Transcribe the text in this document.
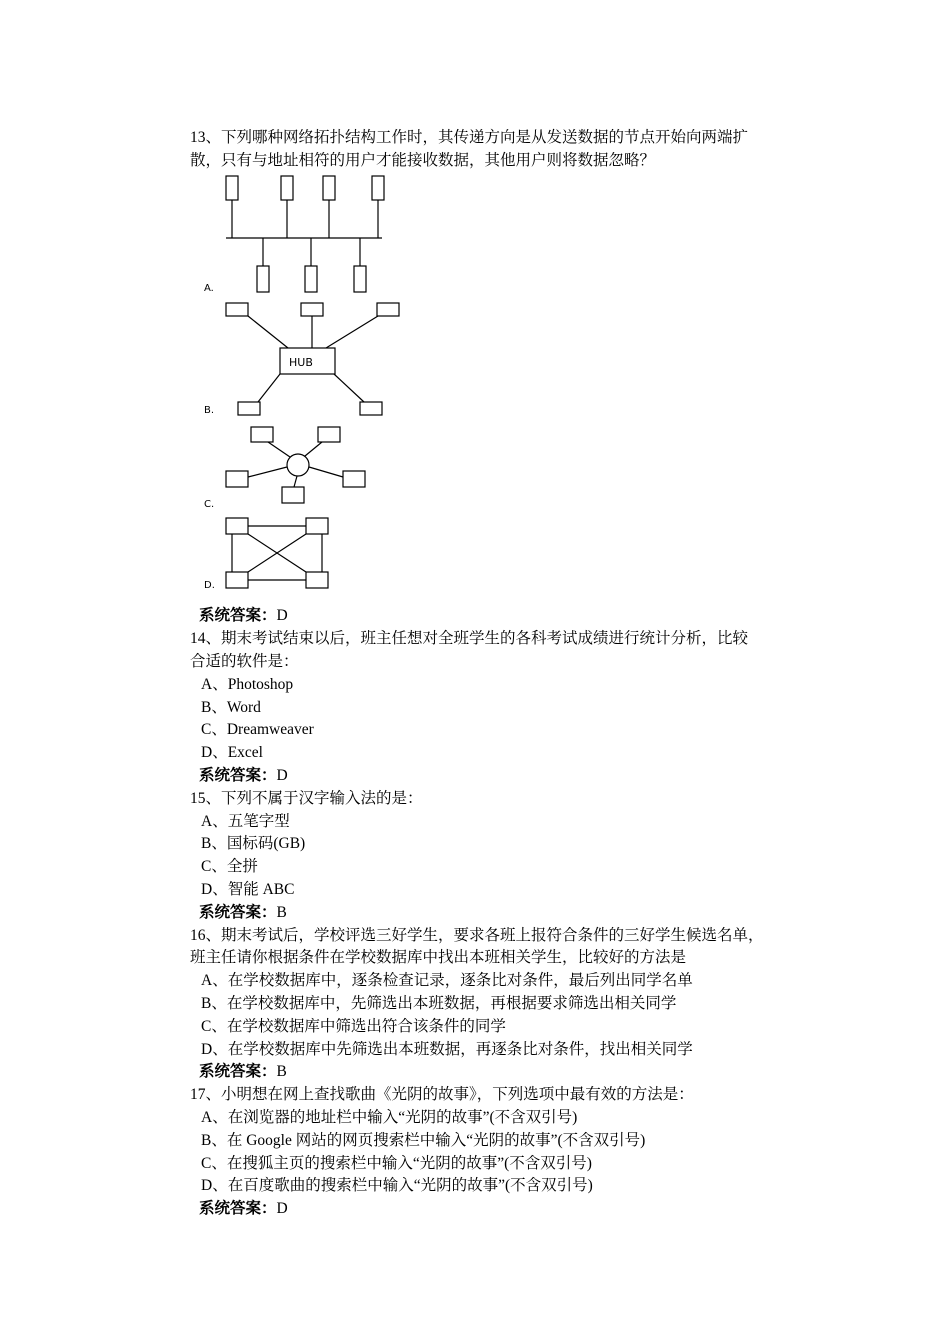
13、下列哪种网络拓扑结构工作时，其传递方向是从发送数据的节点开始向两端扩
散，只有与地址相符的用户才能接收数据，其他用户则将数据忽略？
A.
B.
C.
D.
HUB
系统答案：D
14、期末考试结束以后，班主任想对全班学生的各科考试成绩进行统计分析，比较
合适的软件是：
A、Photoshop
B、Word
C、Dreamweaver
D、Excel
系统答案：D
15、下列不属于汉字输入法的是：
A、五笔字型
B、国标码(GB)
C、全拼
D、智能 ABC
系统答案：B
16、期末考试后，学校评选三好学生，要求各班上报符合条件的三好学生候选名单，
班主任请你根据条件在学校数据库中找出本班相关学生，比较好的方法是
A、在学校数据库中，逐条检查记录，逐条比对条件，最后列出同学名单
B、在学校数据库中，先筛选出本班数据，再根据要求筛选出相关同学
C、在学校数据库中筛选出符合该条件的同学
D、在学校数据库中先筛选出本班数据，再逐条比对条件，找出相关同学
系统答案：B
17、小明想在网上查找歌曲《光阴的故事》，下列选项中最有效的方法是：
A、在浏览器的地址栏中输入“光阴的故事”(不含双引号)
B、在 Google 网站的网页搜索栏中输入“光阴的故事”(不含双引号)
C、在搜狐主页的搜索栏中输入“光阴的故事”(不含双引号)
D、在百度歌曲的搜索栏中输入“光阴的故事”(不含双引号)
系统答案：D
